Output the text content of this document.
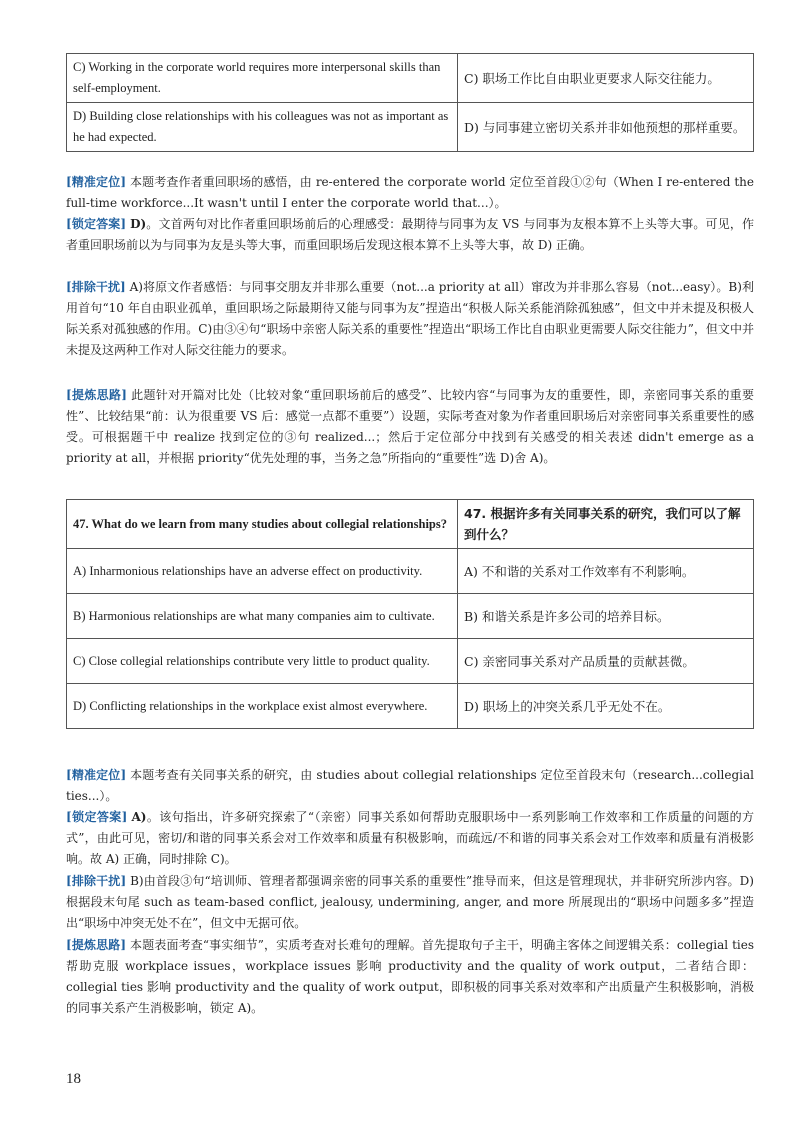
C) Working in the corporate world requires more interpersonal skills than self-employment.	C) 职场工作比自由职业更要求人际交往能力。
D) Building close relationships with his colleagues was not as important as he had expected.	D) 与同事建立密切关系并非如他预想的那样重要。
[精准定位] 本题考查作者重回职场的感悟，由 re-entered the corporate world 定位至首段①②句（When I re-entered the full-time workforce...It wasn't until I enter the corporate world that...）。
[锁定答案] D)。文首两句对比作者重回职场前后的心理感受：最期待与同事为友 VS 与同事为友根本算不上头等大事。可见，作者重回职场前以为与同事为友是头等大事，而重回职场后发现这根本算不上头等大事，故 D) 正确。
[排除干扰] A)将原文作者感悟：与同事交朋友并非那么重要（not...a priority at all）窜改为并非那么容易（not...easy）。B)利用首句“10 年自由职业孤单，重回职场之际最期待又能与同事为友”捏造出“积极人际关系能消除孤独感”，但文中并未提及积极人际关系对孤独感的作用。C)由③④句“职场中亲密人际关系的重要性”捏造出“职场工作比自由职业更需要人际交往能力”，但文中并未提及这两种工作对人际交往能力的要求。
[提炼思路] 此题针对开篇对比处（比较对象“重回职场前后的感受”、比较内容“与同事为友的重要性，即，亲密同事关系的重要性”、比较结果“前：认为很重要 VS 后：感觉一点都不重要”）设题，实际考查对象为作者重回职场后对亲密同事关系重要性的感受。可根据题干中 realize 找到定位的③句 realized...；然后于定位部分中找到有关感受的相关表述 didn't emerge as a priority at all，并根据 priority“优先处理的事，当务之急”所指向的“重要性”选 D)舍 A)。
47. What do we learn from many studies about collegial relationships?	47. 根据许多有关同事关系的研究，我们可以了解到什么？
A) Inharmonious relationships have an adverse effect on productivity.	A) 不和谐的关系对工作效率有不利影响。
B) Harmonious relationships are what many companies aim to cultivate.	B) 和谐关系是许多公司的培养目标。
C) Close collegial relationships contribute very little to product quality.	C) 亲密同事关系对产品质量的贡献甚微。
D) Conflicting relationships in the workplace exist almost everywhere.	D) 职场上的冲突关系几乎无处不在。
[精准定位] 本题考查有关同事关系的研究，由 studies about collegial relationships 定位至首段末句（research...collegial ties...）。
[锁定答案] A)。该句指出，许多研究探索了“（亲密）同事关系如何帮助克服职场中一系列影响工作效率和工作质量的问题的方式”，由此可见，密切/和谐的同事关系会对工作效率和质量有积极影响，而疏远/不和谐的同事关系会对工作效率和质量有消极影响。故 A) 正确，同时排除 C)。
[排除干扰] B)由首段③句“培训师、管理者都强调亲密的同事关系的重要性”推导而来，但这是管理现状，并非研究所涉内容。D)根据段末句尾 such as team-based conflict, jealousy, undermining, anger, and more 所展现出的“职场中问题多多”捏造出“职场中冲突无处不在”，但文中无据可依。
[提炼思路] 本题表面考查“事实细节”，实质考查对长难句的理解。首先提取句子主干，明确主客体之间逻辑关系：collegial ties 帮助克服 workplace issues，workplace issues 影响 productivity and the quality of work output，二者结合即：collegial ties 影响 productivity and the quality of work output，即积极的同事关系对效率和产出质量产生积极影响，消极的同事关系产生消极影响，锁定 A)。
18
